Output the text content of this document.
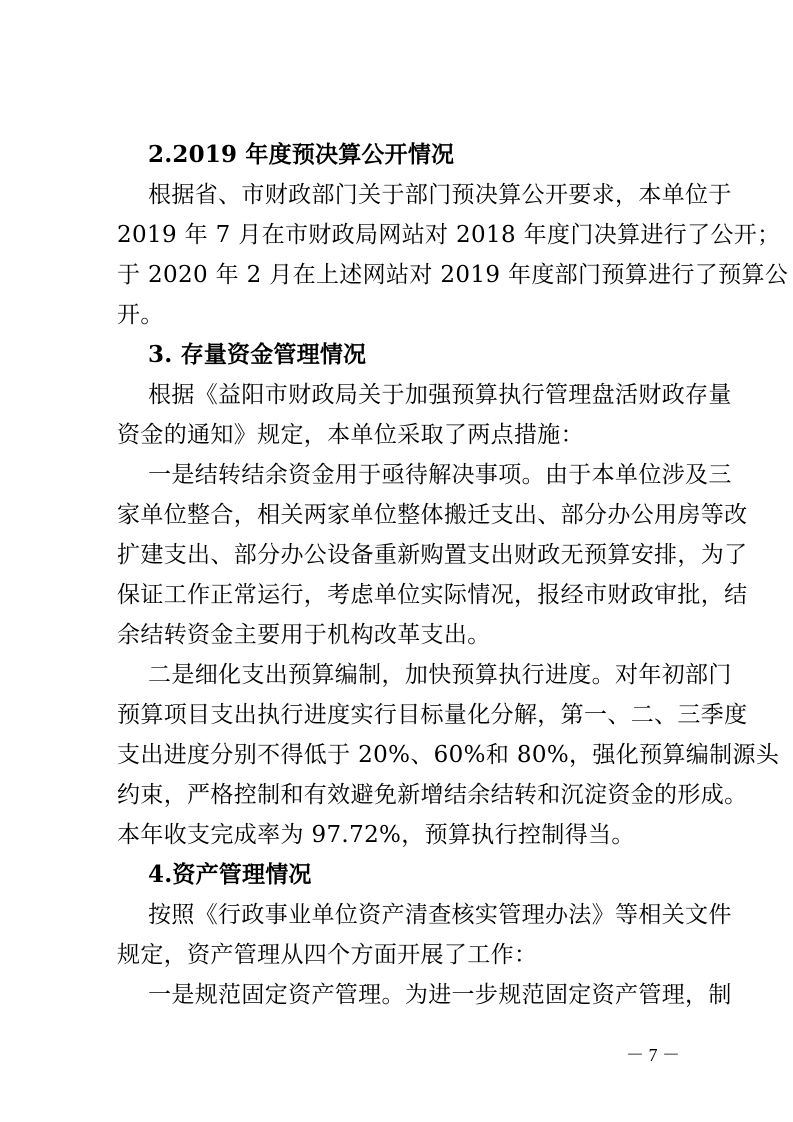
2.2019 年度预决算公开情况
根据省、市财政部门关于部门预决算公开要求，本单位于
2019 年 7 月在市财政局网站对 2018 年度门决算进行了公开；
于 2020 年 2 月在上述网站对 2019 年度部门预算进行了预算公
开。
3. 存量资金管理情况
根据《益阳市财政局关于加强预算执行管理盘活财政存量
资金的通知》规定，本单位采取了两点措施：
一是结转结余资金用于亟待解决事项。由于本单位涉及三
家单位整合，相关两家单位整体搬迁支出、部分办公用房等改
扩建支出、部分办公设备重新购置支出财政无预算安排，为了
保证工作正常运行，考虑单位实际情况，报经市财政审批，结
余结转资金主要用于机构改革支出。
二是细化支出预算编制，加快预算执行进度。对年初部门
预算项目支出执行进度实行目标量化分解，第一、二、三季度
支出进度分别不得低于 20%、60%和 80%，强化预算编制源头
约束，严格控制和有效避免新增结余结转和沉淀资金的形成。
本年收支完成率为 97.72%，预算执行控制得当。
4.资产管理情况
按照《行政事业单位资产清查核实管理办法》等相关文件
规定，资产管理从四个方面开展了工作：
一是规范固定资产管理。为进一步规范固定资产管理，制
－ 7 －
